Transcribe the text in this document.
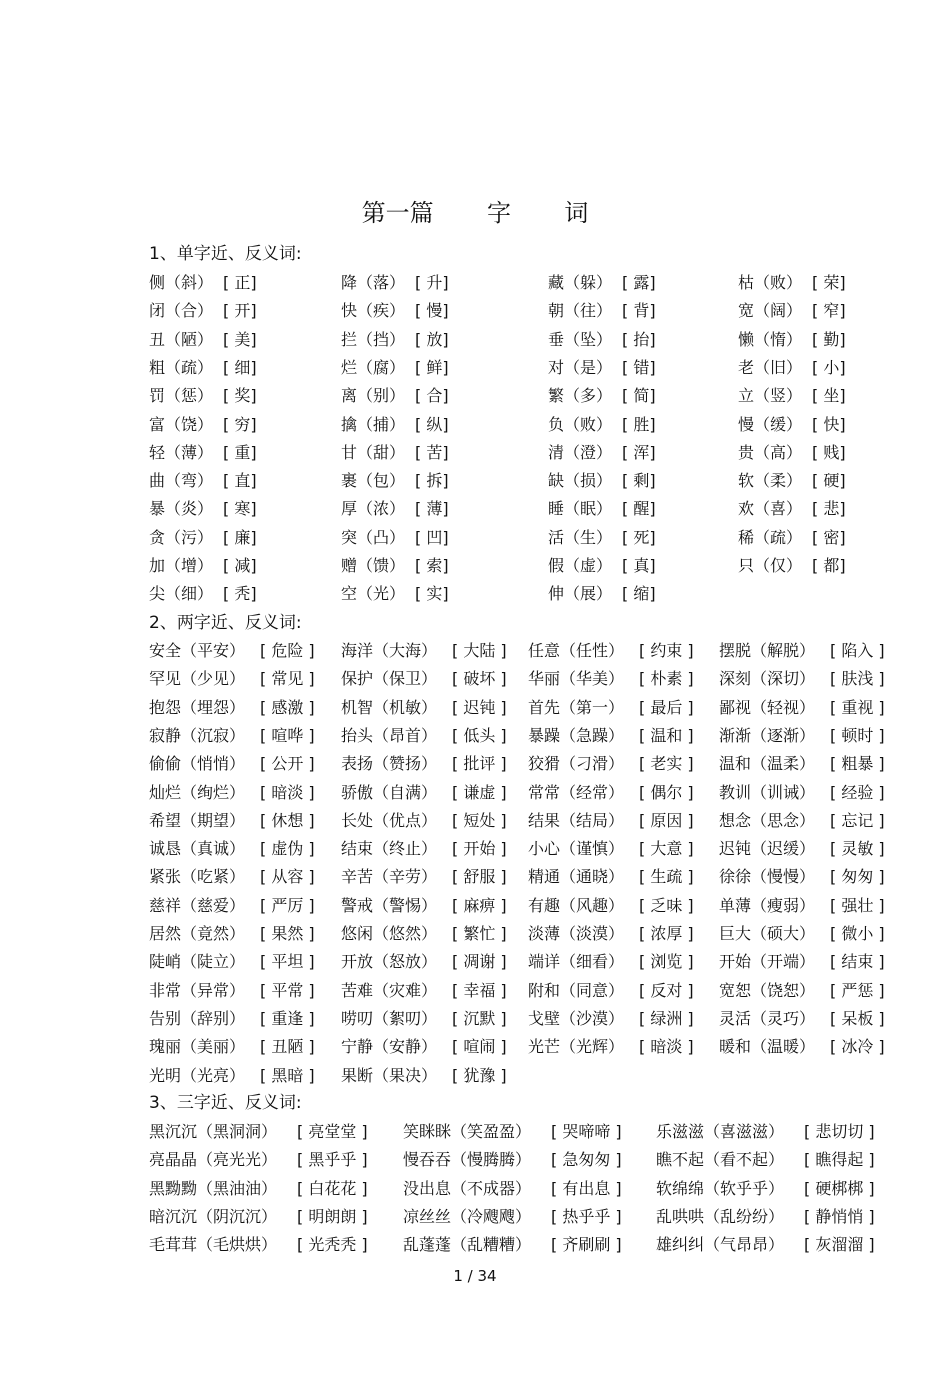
第一篇       字       词
1、单字近、反义词:
侧（斜） [ 正]	降（落） [ 升]	藏（躲） [ 露]	枯（败） [ 荣]
闭（合） [ 开]	快（疾） [ 慢]	朝（往） [ 背]	宽（阔） [ 窄]
丑（陋） [ 美]	拦（挡） [ 放]	垂（坠） [ 抬]	懒（惰） [ 勤]
粗（疏） [ 细]	烂（腐） [ 鲜]	对（是） [ 错]	老（旧） [ 小]
罚（惩） [ 奖]	离（别） [ 合]	繁（多） [ 简]	立（竖） [ 坐]
富（饶） [ 穷]	擒（捕） [ 纵]	负（败） [ 胜]	慢（缓） [ 快]
轻（薄） [ 重]	甘（甜） [ 苦]	清（澄） [ 浑]	贵（高） [ 贱]
曲（弯） [ 直]	裹（包） [ 拆]	缺（损） [ 剩]	软（柔） [ 硬]
暴（炎） [ 寒]	厚（浓） [ 薄]	睡（眠） [ 醒]	欢（喜） [ 悲]
贪（污） [ 廉]	突（凸） [ 凹]	活（生） [ 死]	稀（疏） [ 密]
加（增） [ 减]	赠（馈） [ 索]	假（虚） [ 真]	只（仅） [ 都]
尖（细） [ 秃]	空（光） [ 实]	伸（展） [ 缩]
2、两字近、反义词:
安全（平安） [ 危险 ] 海洋（大海） [ 大陆 ] 任意（任性） [ 约束 ] 摆脱（解脱） [ 陷入 ]
罕见（少见） [ 常见 ] 保护（保卫） [ 破坏 ] 华丽（华美） [ 朴素 ] 深刻（深切） [ 肤浅 ]
抱怨（埋怨） [ 感激 ] 机智（机敏） [ 迟钝 ] 首先（第一） [ 最后 ] 鄙视（轻视） [ 重视 ]
寂静（沉寂） [ 喧哗 ] 抬头（昂首） [ 低头 ] 暴躁（急躁） [ 温和 ] 渐渐（逐渐） [ 顿时 ]
偷偷（悄悄） [ 公开 ] 表扬（赞扬） [ 批评 ] 狡猾（刁滑） [ 老实 ] 温和（温柔） [ 粗暴 ]
灿烂（绚烂） [ 暗淡 ] 骄傲（自满） [ 谦虚 ] 常常（经常） [ 偶尔 ] 教训（训诫） [ 经验 ]
希望（期望） [ 休想 ] 长处（优点） [ 短处 ] 结果（结局） [ 原因 ] 想念（思念） [ 忘记 ]
诚恳（真诚） [ 虚伪 ] 结束（终止） [ 开始 ] 小心（谨慎） [ 大意 ] 迟钝（迟缓） [ 灵敏 ]
紧张（吃紧） [ 从容 ] 辛苦（辛劳） [ 舒服 ] 精通（通晓） [ 生疏 ] 徐徐（慢慢） [ 匆匆 ]
慈祥（慈爱） [ 严厉 ] 警戒（警惕） [ 麻痹 ] 有趣（风趣） [ 乏味 ] 单薄（瘦弱） [ 强壮 ]
居然（竟然） [ 果然 ] 悠闲（悠然） [ 繁忙 ] 淡薄（淡漠） [ 浓厚 ] 巨大（硕大） [ 微小 ]
陡峭（陡立） [ 平坦 ] 开放（怒放） [ 凋谢 ] 端详（细看） [ 浏览 ] 开始（开端） [ 结束 ]
非常（异常） [ 平常 ] 苦难（灾难） [ 幸福 ] 附和（同意） [ 反对 ] 宽恕（饶恕） [ 严惩 ]
告别（辞别） [ 重逢 ] 唠叨（絮叨） [ 沉默 ] 戈壁（沙漠） [ 绿洲 ] 灵活（灵巧） [ 呆板 ]
瑰丽（美丽） [ 丑陋 ] 宁静（安静） [ 喧闹 ] 光芒（光辉） [ 暗淡 ] 暖和（温暖） [ 冰冷 ]
光明（光亮） [ 黑暗 ] 果断（果决） [ 犹豫 ]
3、三字近、反义词:
黑沉沉（黑洞洞） [ 亮堂堂 ] 笑眯眯（笑盈盈） [ 哭啼啼 ] 乐滋滋（喜滋滋） [ 悲切切 ]
亮晶晶（亮光光） [ 黑乎乎 ] 慢吞吞（慢腾腾） [ 急匆匆 ] 瞧不起（看不起） [ 瞧得起 ]
黑黝黝（黑油油） [ 白花花 ] 没出息（不成器） [ 有出息 ] 软绵绵（软乎乎） [ 硬梆梆 ]
暗沉沉（阴沉沉） [ 明朗朗 ] 凉丝丝（冷飕飕） [ 热乎乎 ] 乱哄哄（乱纷纷） [ 静悄悄 ]
毛茸茸（毛烘烘） [ 光秃秃 ] 乱蓬蓬（乱糟糟） [ 齐刷刷 ] 雄纠纠（气昂昂） [ 灰溜溜 ]
1 / 34
